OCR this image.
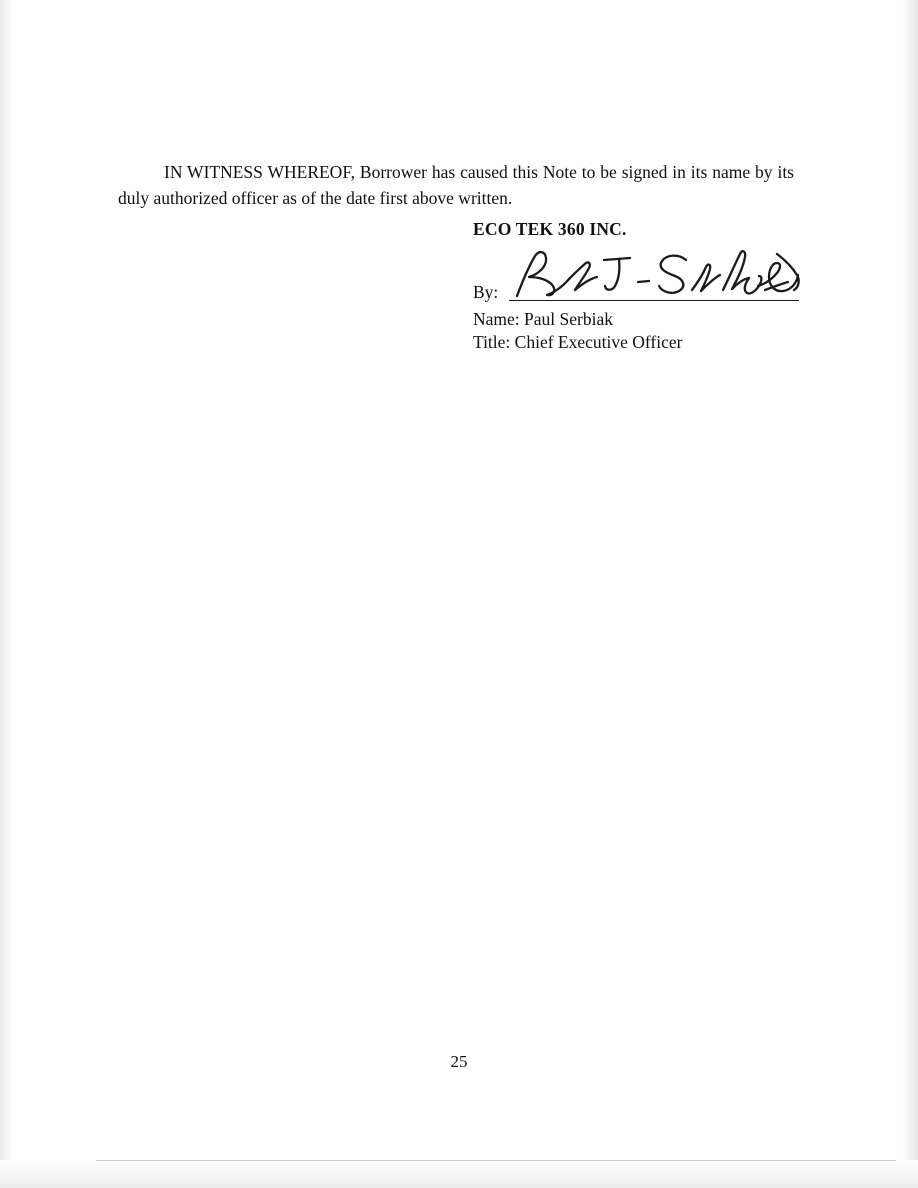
IN WITNESS WHEREOF, Borrower has caused this Note to be signed in its name by its duly authorized officer as of the date first above written.

ECO TEK 360 INC.
By:
Name: Paul Serbiak
Title: Chief Executive Officer
25
